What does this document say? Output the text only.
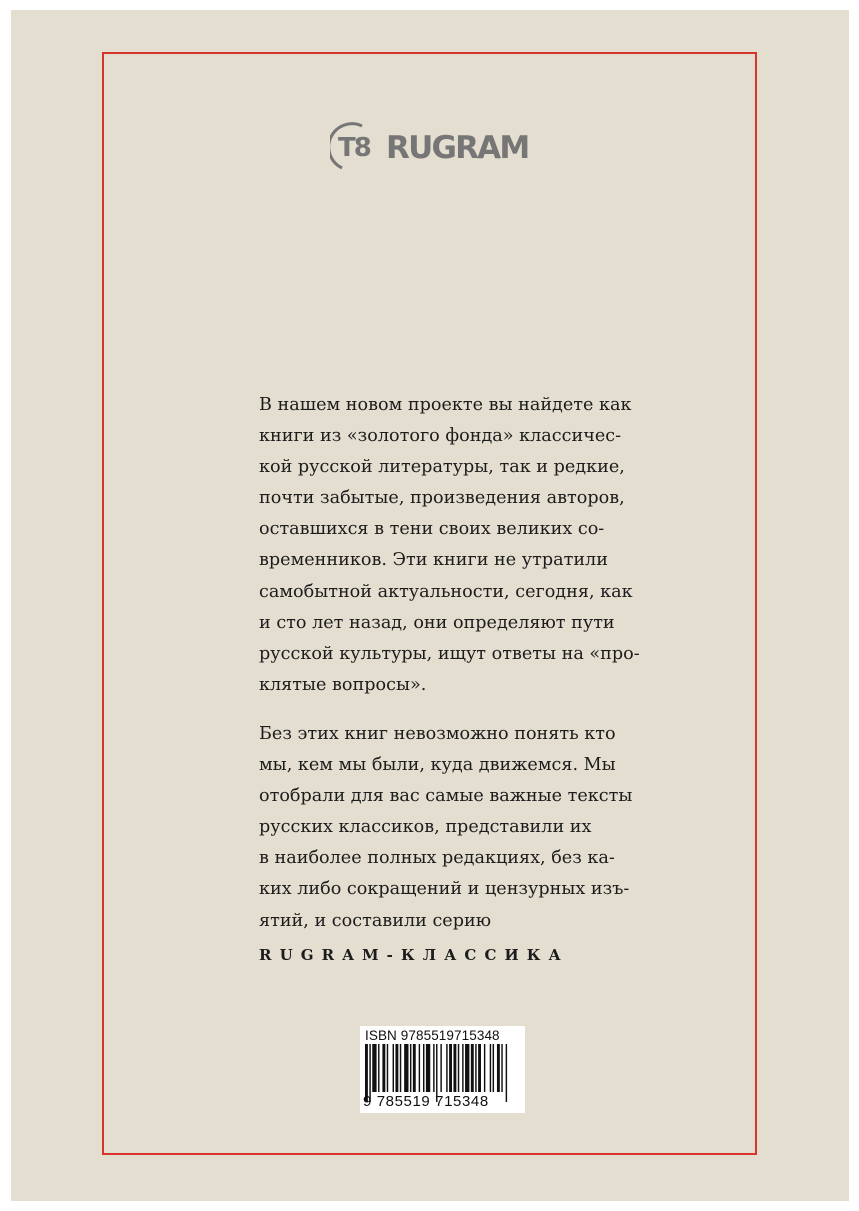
T8 RUGRAM
В нашем новом проекте вы найдете как
книги из «золотого фонда» классичес-
кой русской литературы, так и редкие,
почти забытые, произведения авторов,
оставшихся в тени своих великих со-
временников. Эти книги не утратили
самобытной актуальности, сегодня, как
и сто лет назад, они определяют пути
русской культуры, ищут ответы на «про-
клятые вопросы».
Без этих книг невозможно понять кто
мы, кем мы были, куда движемся. Мы
отобрали для вас самые важные тексты
русских классиков, представили их
в наиболее полных редакциях, без ка-
ких либо сокращений и цензурных изъ-
ятий, и составили серию
RUGRAM-КЛАССИКА
ISBN 9785519715348
9 785519 715348
